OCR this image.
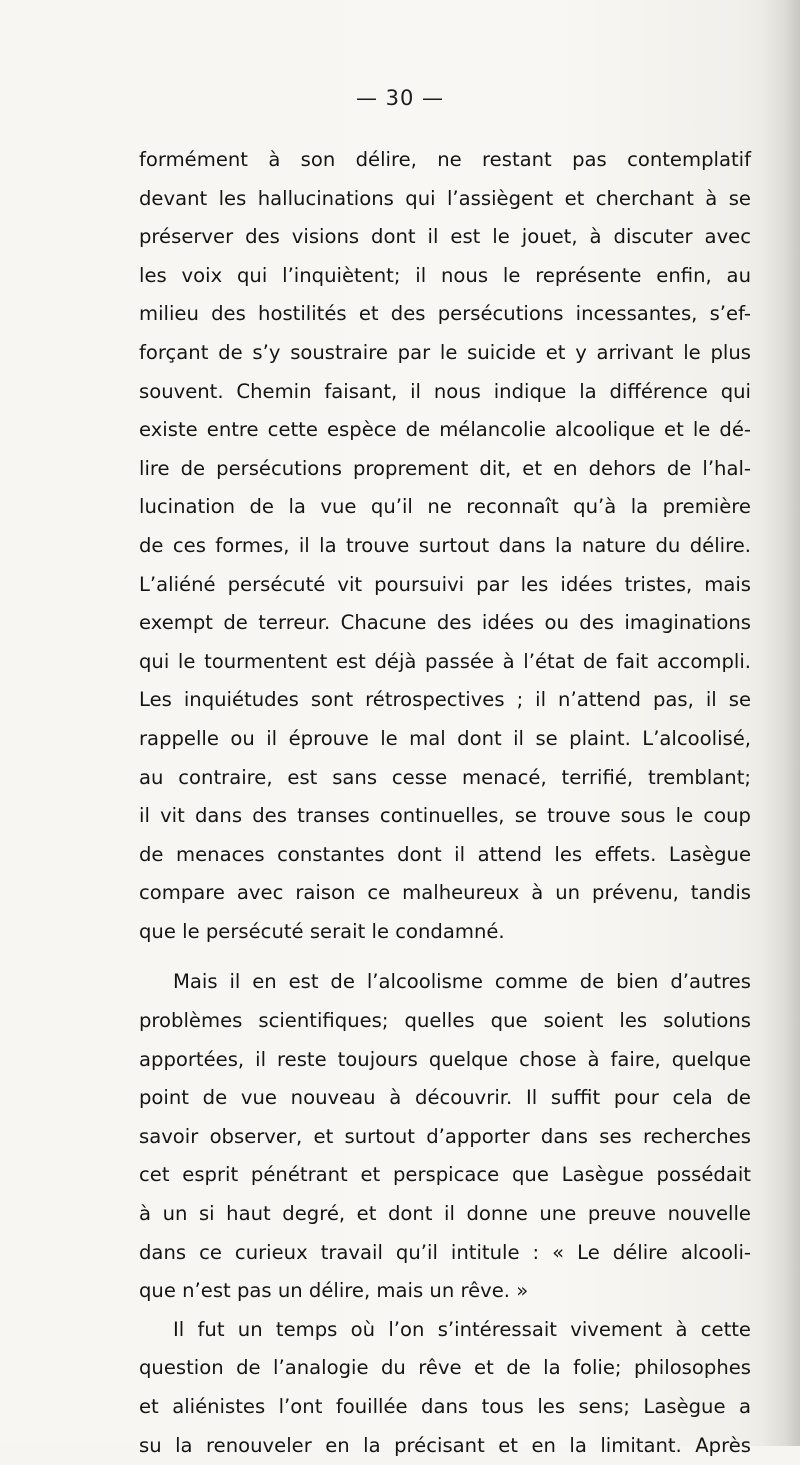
— 30 —
formément à son délire, ne restant pas contemplatif
devant les hallucinations qui l’assiègent et cherchant à se
préserver des visions dont il est le jouet, à discuter avec
les voix qui l’inquiètent; il nous le représente enfin, au
milieu des hostilités et des persécutions incessantes, s’ef-
forçant de s’y soustraire par le suicide et y arrivant le plus
souvent. Chemin faisant, il nous indique la différence qui
existe entre cette espèce de mélancolie alcoolique et le dé-
lire de persécutions proprement dit, et en dehors de l’hal-
lucination de la vue qu’il ne reconnaît qu’à la première
de ces formes, il la trouve surtout dans la nature du délire.
L’aliéné persécuté vit poursuivi par les idées tristes, mais
exempt de terreur. Chacune des idées ou des imaginations
qui le tourmentent est déjà passée à l’état de fait accompli.
Les inquiétudes sont rétrospectives ; il n’attend pas, il se
rappelle ou il éprouve le mal dont il se plaint. L’alcoolisé,
au contraire, est sans cesse menacé, terrifié, tremblant;
il vit dans des transes continuelles, se trouve sous le coup
de menaces constantes dont il attend les effets. Lasègue
compare avec raison ce malheureux à un prévenu, tandis
que le persécuté serait le condamné.
Mais il en est de l’alcoolisme comme de bien d’autres
problèmes scientifiques; quelles que soient les solutions
apportées, il reste toujours quelque chose à faire, quelque
point de vue nouveau à découvrir. Il suffit pour cela de
savoir observer, et surtout d’apporter dans ses recherches
cet esprit pénétrant et perspicace que Lasègue possédait
à un si haut degré, et dont il donne une preuve nouvelle
dans ce curieux travail qu’il intitule : « Le délire alcooli-
que n’est pas un délire, mais un rêve. »
Il fut un temps où l’on s’intéressait vivement à cette
question de l’analogie du rêve et de la folie; philosophes
et aliénistes l’ont fouillée dans tous les sens; Lasègue a
su la renouveler en la précisant et en la limitant. Après
